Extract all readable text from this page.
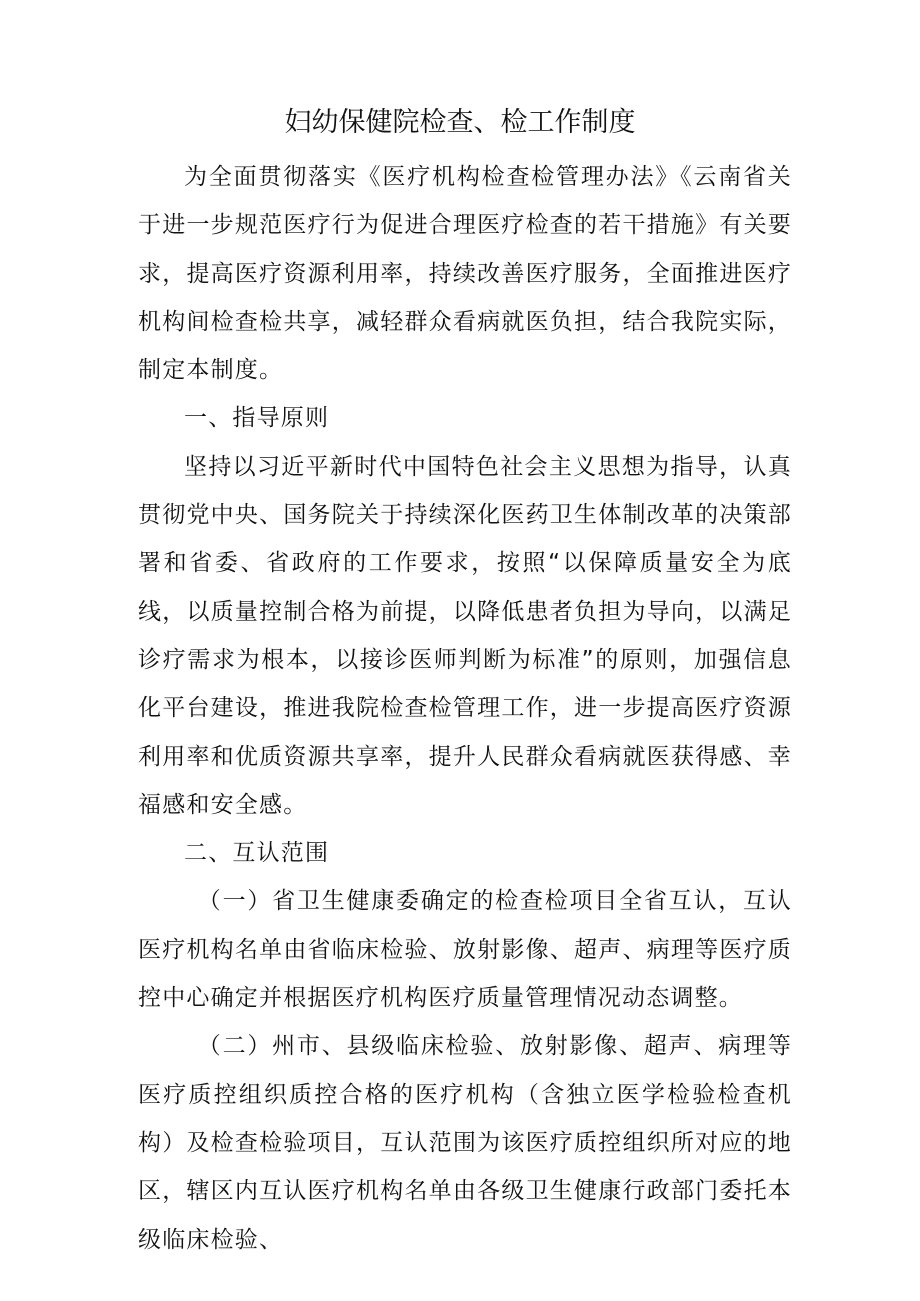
妇幼保健院检查、检工作制度

为全面贯彻落实《医疗机构检查检管理办法》《云南省关于进一步规范医疗行为促进合理医疗检查的若干措施》有关要求，提高医疗资源利用率，持续改善医疗服务，全面推进医疗机构间检查检共享，减轻群众看病就医负担，结合我院实际，制定本制度。

一、指导原则

坚持以习近平新时代中国特色社会主义思想为指导，认真贯彻党中央、国务院关于持续深化医药卫生体制改革的决策部署和省委、省政府的工作要求，按照“以保障质量安全为底线，以质量控制合格为前提，以降低患者负担为导向，以满足诊疗需求为根本，以接诊医师判断为标准”的原则，加强信息化平台建设，推进我院检查检管理工作，进一步提高医疗资源利用率和优质资源共享率，提升人民群众看病就医获得感、幸福感和安全感。

二、互认范围

（一）省卫生健康委确定的检查检项目全省互认，互认医疗机构名单由省临床检验、放射影像、超声、病理等医疗质控中心确定并根据医疗机构医疗质量管理情况动态调整。

（二）州市、县级临床检验、放射影像、超声、病理等医疗质控组织质控合格的医疗机构（含独立医学检验检查机构）及检查检验项目，互认范围为该医疗质控组织所对应的地区，辖区内互认医疗机构名单由各级卫生健康行政部门委托本级临床检验、
